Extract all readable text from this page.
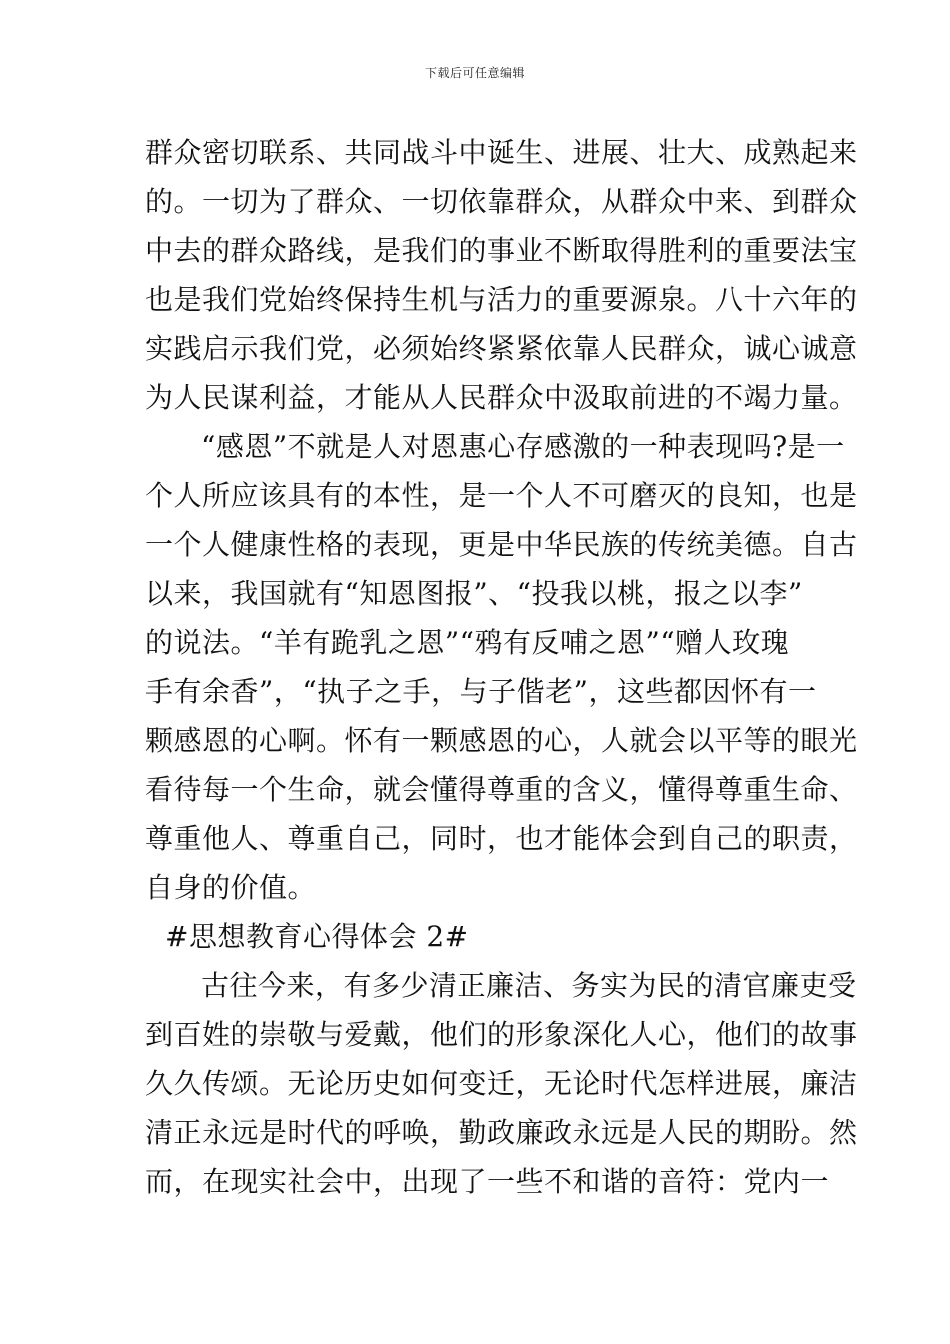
下载后可任意编辑
群众密切联系、共同战斗中诞生、进展、壮大、成熟起来
的。一切为了群众、一切依靠群众，从群众中来、到群众
中去的群众路线，是我们的事业不断取得胜利的重要法宝
也是我们党始终保持生机与活力的重要源泉。八十六年的
实践启示我们党，必须始终紧紧依靠人民群众，诚心诚意
为人民谋利益，才能从人民群众中汲取前进的不竭力量。
“感恩”不就是人对恩惠心存感激的一种表现吗?是一
个人所应该具有的本性，是一个人不可磨灭的良知，也是
一个人健康性格的表现，更是中华民族的传统美德。自古
以来，我国就有“知恩图报”、“投我以桃，报之以李”
的说法。“羊有跪乳之恩”“鸦有反哺之恩”“赠人玫瑰
手有余香”，“执子之手，与子偕老”，这些都因怀有一
颗感恩的心啊。怀有一颗感恩的心，人就会以平等的眼光
看待每一个生命，就会懂得尊重的含义，懂得尊重生命、
尊重他人、尊重自己，同时，也才能体会到自己的职责，
自身的价值。
#思想教育心得体会 2#
古往今来，有多少清正廉洁、务实为民的清官廉吏受
到百姓的崇敬与爱戴，他们的形象深化人心，他们的故事
久久传颂。无论历史如何变迁，无论时代怎样进展，廉洁
清正永远是时代的呼唤，勤政廉政永远是人民的期盼。然
而，在现实社会中，出现了一些不和谐的音符：党内一
